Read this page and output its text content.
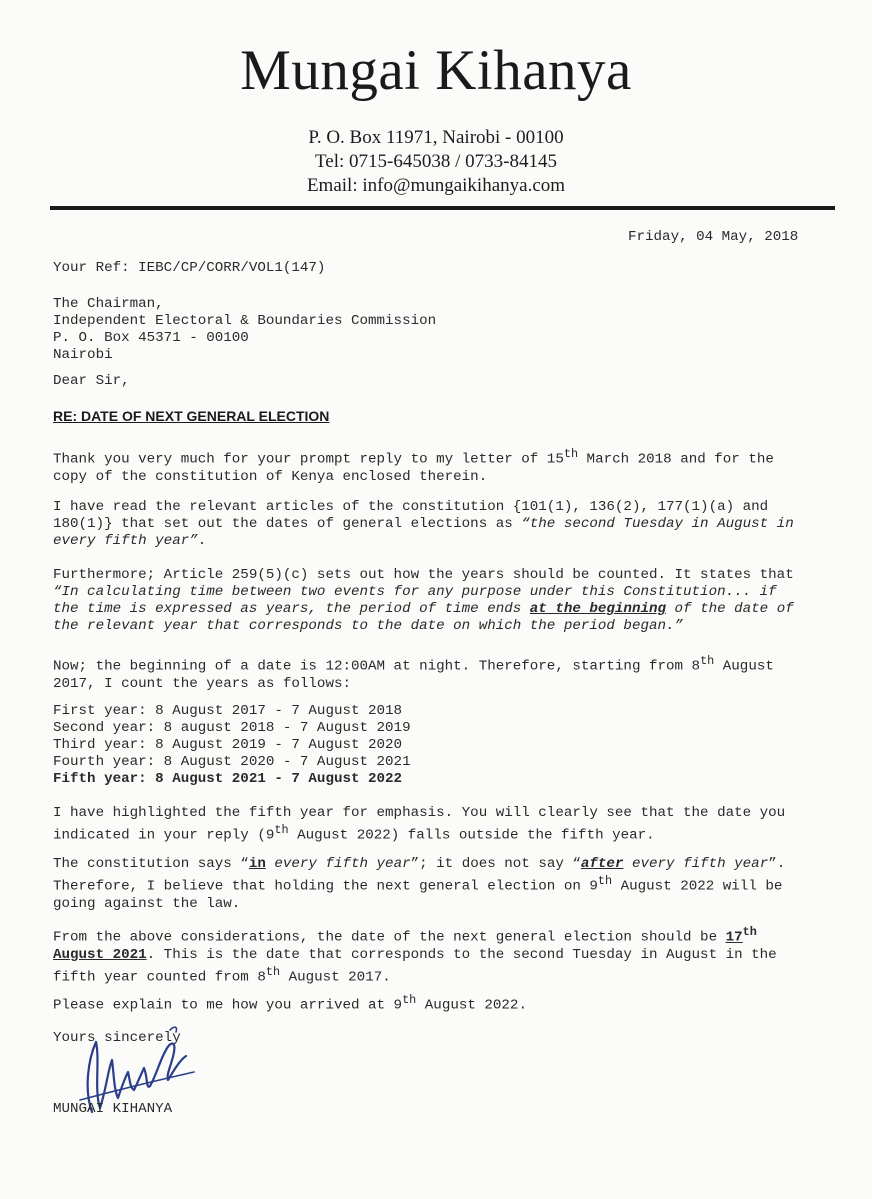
Mungai Kihanya

P. O. Box 11971, Nairobi - 00100

Tel: 0715-645038 / 0733-84145

Email: info@mungaikihanya.com

Friday, 04 May, 2018
Your Ref: IEBC/CP/CORR/VOL1(147)
The Chairman,
Independent Electoral & Boundaries Commission
P. O. Box 45371 - 00100
Nairobi
Dear Sir,
RE: DATE OF NEXT GENERAL ELECTION
Thank you very much for your prompt reply to my letter of 15th March 2018 and for the
copy of the constitution of Kenya enclosed therein.
I have read the relevant articles of the constitution {101(1), 136(2), 177(1)(a) and
180(1)} that set out the dates of general elections as “the second Tuesday in August in
every fifth year”.
Furthermore; Article 259(5)(c) sets out how the years should be counted. It states that
“In calculating time between two events for any purpose under this Constitution... if
the time is expressed as years, the period of time ends at the beginning of the date of
the relevant year that corresponds to the date on which the period began.”
Now; the beginning of a date is 12:00AM at night. Therefore, starting from 8th August
2017, I count the years as follows:
First year: 8 August 2017 - 7 August 2018
Second year: 8 august 2018 - 7 August 2019
Third year: 8 August 2019 - 7 August 2020
Fourth year: 8 August 2020 - 7 August 2021
Fifth year: 8 August 2021 - 7 August 2022
I have highlighted the fifth year for emphasis. You will clearly see that the date you
indicated in your reply (9th August 2022) falls outside the fifth year.
The constitution says “in every fifth year”; it does not say “after every fifth year”.
Therefore, I believe that holding the next general election on 9th August 2022 will be
going against the law.
From the above considerations, the date of the next general election should be 17th
August 2021. This is the date that corresponds to the second Tuesday in August in the
fifth year counted from 8th August 2017.
Please explain to me how you arrived at 9th August 2022.
Yours sincerely
MUNGAI KIHANYA
